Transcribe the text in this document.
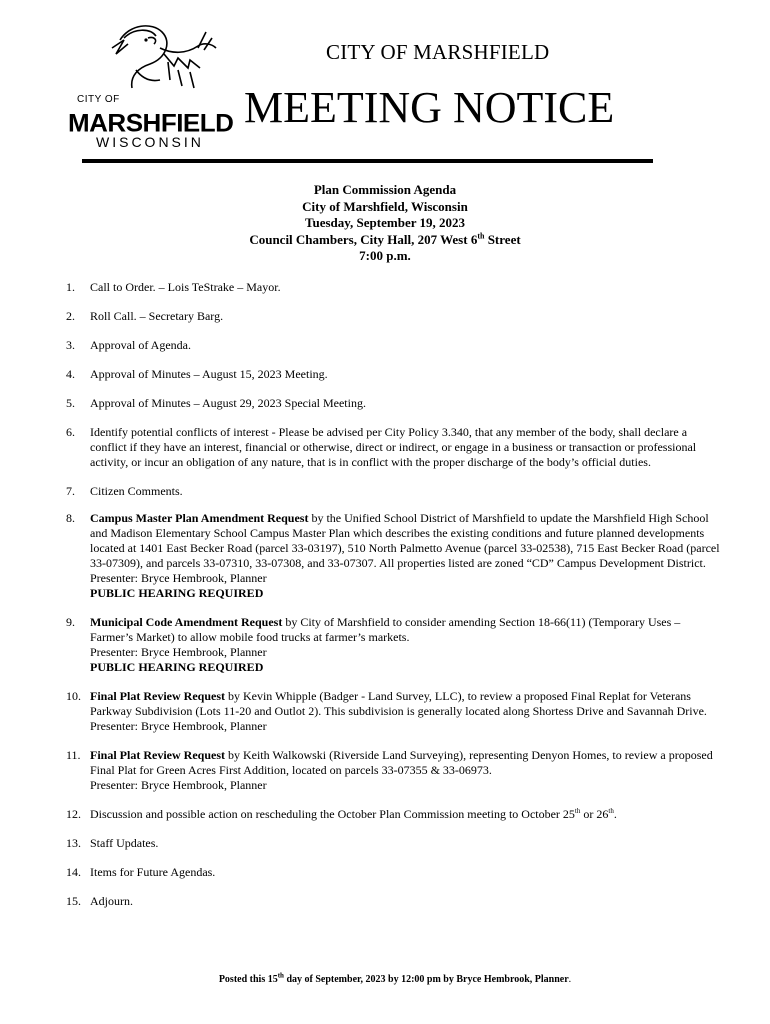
CITY OF
MARSHFIELD
WISCONSIN
CITY OF MARSHFIELD
MEETING NOTICE
Plan Commission Agenda
City of Marshfield, Wisconsin
Tuesday, September 19, 2023
Council Chambers, City Hall, 207 West 6th Street
7:00 p.m.
1.	Call to Order. – Lois TeStrake – Mayor.
2.	Roll Call. – Secretary Barg.
3.	Approval of Agenda.
4.	Approval of Minutes – August 15, 2023 Meeting.
5.	Approval of Minutes – August 29, 2023 Special Meeting.
6.	Identify potential conflicts of interest - Please be advised per City Policy 3.340, that any member of the body, shall declare a conflict if they have an interest, financial or otherwise, direct or indirect, or engage in a business or transaction or professional activity, or incur an obligation of any nature, that is in conflict with the proper discharge of the body’s official duties.
7.	Citizen Comments.
8.	Campus Master Plan Amendment Request by the Unified School District of Marshfield to update the Marshfield High School and Madison Elementary School Campus Master Plan which describes the existing conditions and future planned developments located at 1401 East Becker Road (parcel 33-03197), 510 North Palmetto Avenue (parcel 33-02538), 715 East Becker Road (parcel 33-07309), and parcels 33-07310, 33-07308, and 33-07307. All properties listed are zoned “CD” Campus Development District.
Presenter: Bryce Hembrook, Planner
PUBLIC HEARING REQUIRED
9.	Municipal Code Amendment Request by City of Marshfield to consider amending Section 18-66(11) (Temporary Uses – Farmer’s Market) to allow mobile food trucks at farmer’s markets.
Presenter: Bryce Hembrook, Planner
PUBLIC HEARING REQUIRED
10. Final Plat Review Request by Kevin Whipple (Badger - Land Survey, LLC), to review a proposed Final Replat for Veterans Parkway Subdivision (Lots 11-20 and Outlot 2). This subdivision is generally located along Shortess Drive and Savannah Drive.
Presenter: Bryce Hembrook, Planner
11. Final Plat Review Request by Keith Walkowski (Riverside Land Surveying), representing Denyon Homes, to review a proposed Final Plat for Green Acres First Addition, located on parcels 33-07355 & 33-06973.
Presenter: Bryce Hembrook, Planner
12. Discussion and possible action on rescheduling the October Plan Commission meeting to October 25th or 26th.
13. Staff Updates.
14. Items for Future Agendas.
15. Adjourn.
Posted this 15th day of September, 2023 by 12:00 pm by Bryce Hembrook, Planner.
